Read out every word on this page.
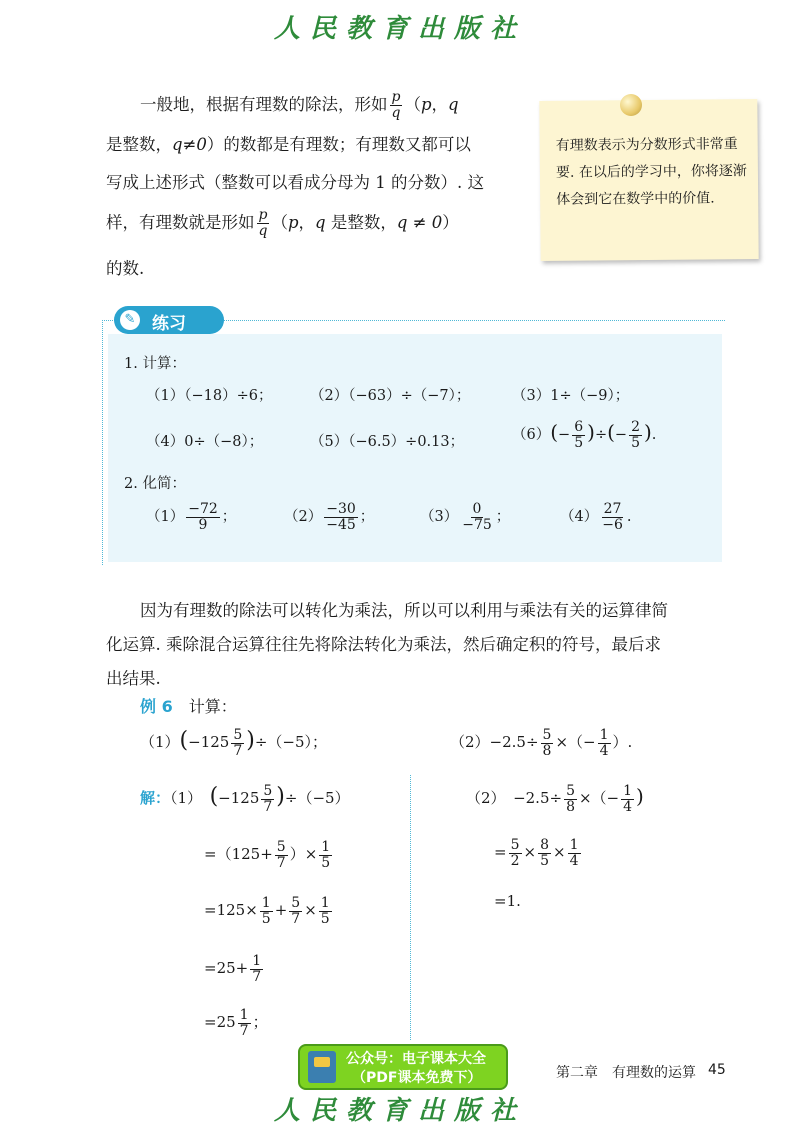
人民教育出版社
一般地，根据有理数的除法，形如 $\frac{p}{q} (p$，q
是整数，q≠0）的数都是有理数；有理数又都可以
写成上述形式（整数可以看成分母为 1 的分数）. 这
样，有理数就是形如 $\frac{p}{q} (p$，q 是整数，q ≠ 0）
的数.
有理数表示为分数形式非常重要. 在以后的学习中，你将逐渐体会到它在数学中的价值.
✎ 练习
1. 计算：
（1）（−18）÷6；	（2）（−63）÷（−7）；	（3）1÷（−9）；
（4）0÷（−8）；	（5）（−6.5）÷0.13；	$(6)(- \frac{6}{5}$ )÷(− $\frac{2}{5}$ ).
2. 化简：
$(1) \frac{-72}{9}$ ；	$(2) \frac{-30}{-45}$ ；	$(3) \frac{0}{-75}$ ；	$(4) \frac{27}{-6}$ .
因为有理数的除法可以转化为乘法，所以可以利用与乘法有关的运算律简
化运算. 乘除混合运算往往先将除法转化为乘法，然后确定积的符号，最后求
出结果.
例 6　 计算：
$(1)(-125 \frac{5}{7} )\div(-5)$；	$(2)-2.5\div \frac{5}{8}$ ×（− $\frac{1}{4}$ ）.
解：（1）　 $(-125 \frac{5}{7} )\div(-5)$
$=(125+ \frac{5}{7}$ ）× $\frac{1}{5}$
$=125\times \frac{1}{5} + \frac{5}{7} \times \frac{1}{5}$
$=25+ \frac{1}{7}$
$=25 \frac{1}{7}$ ；
（2）　 $-2.5\div \frac{5}{8}$ ×（− $\frac{1}{4}$ )
= $\frac{5}{2} \times \frac{8}{5} \times \frac{1}{4}$
=1.
公众号：电子课本大全
（PDF课本免费下）	第二章　有理数的运算 45
人民教育出版社
